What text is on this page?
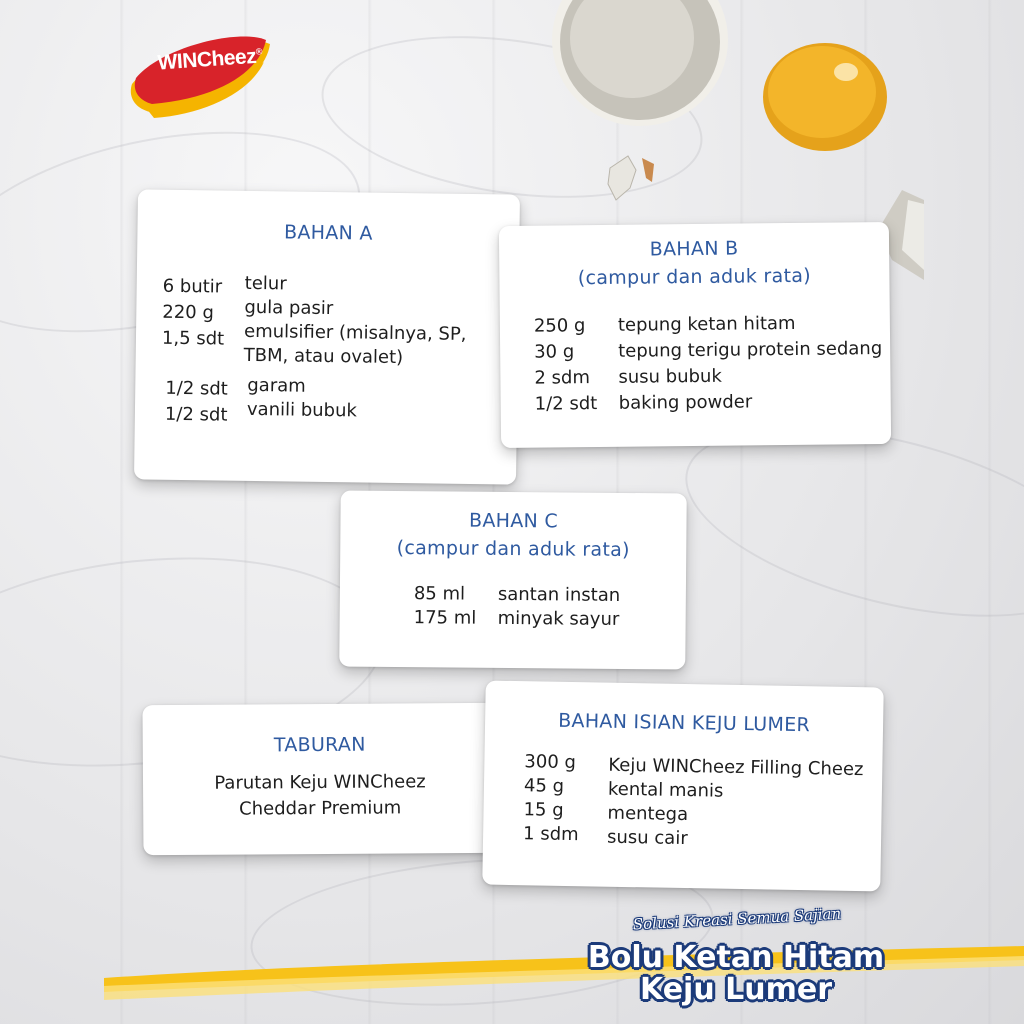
WINCheez®
BAHAN A
6 butir telur
220 g gula pasir
1,5 sdt emulsifier (misalnya, SP,
TBM, atau ovalet)
1/2 sdt garam
1/2 sdt vanili bubuk
BAHAN B
(campur dan aduk rata)
250 g tepung ketan hitam
30 g tepung terigu protein sedang
2 sdm susu bubuk
1/2 sdt baking powder
BAHAN C
(campur dan aduk rata)
85 ml santan instan
175 ml minyak sayur
TABURAN
Parutan Keju WINCheez
Cheddar Premium
BAHAN ISIAN KEJU LUMER
300 g Keju WINCheez Filling Cheez
45 g kental manis
15 g mentega
1 sdm susu cair
Solusi Kreasi Semua Sajian
Bolu Ketan Hitam
Keju Lumer
